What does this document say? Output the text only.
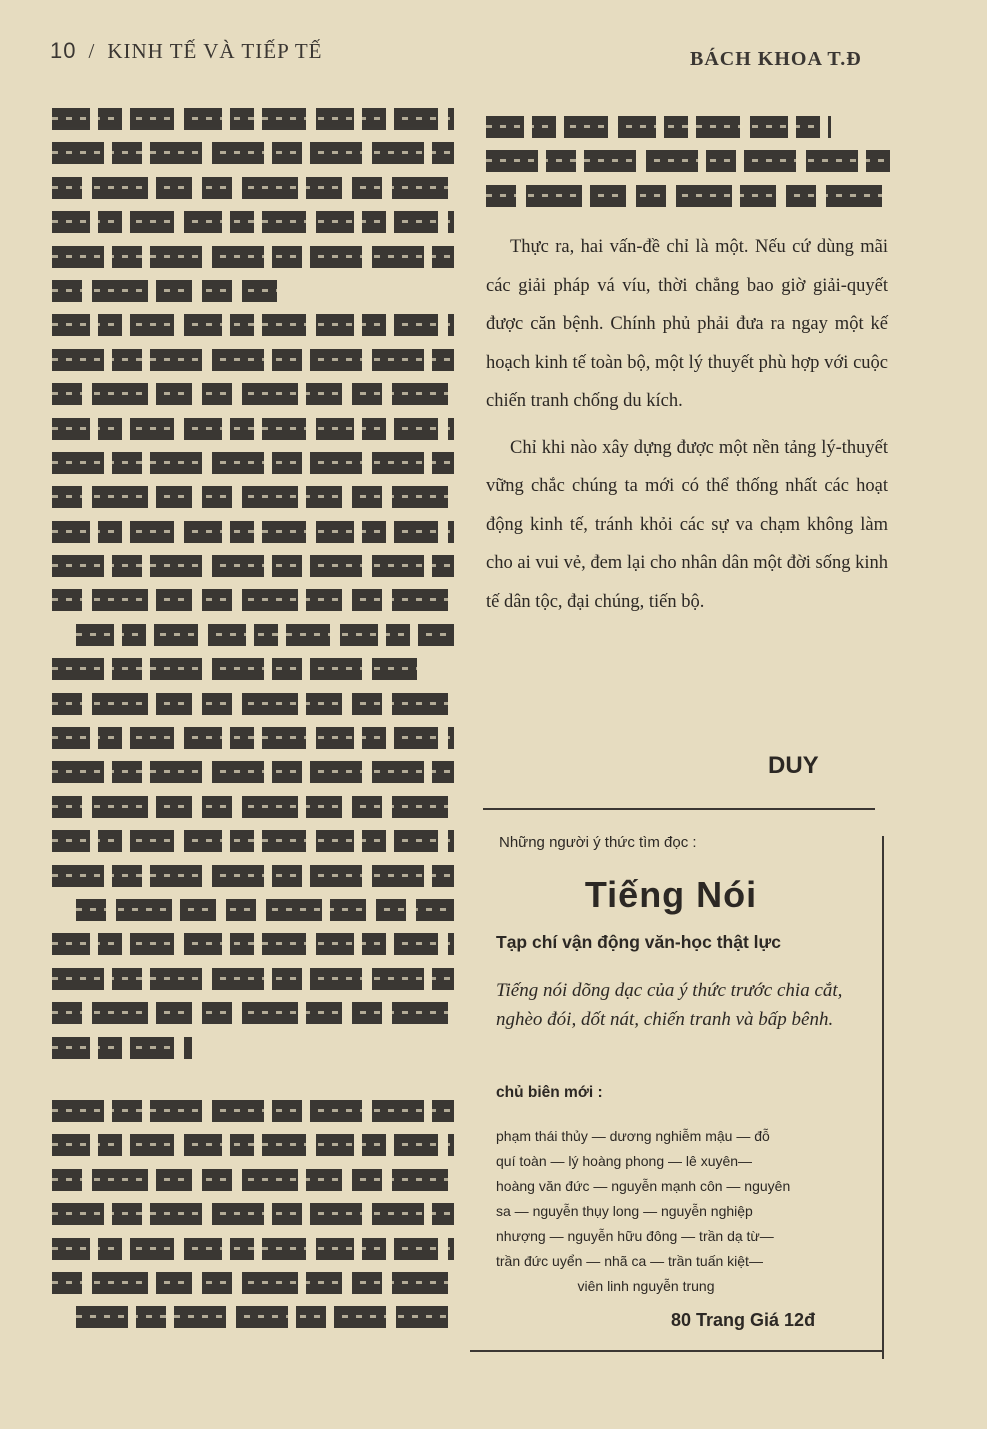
10 / KINH TẾ VÀ TIẾP TẾ	BÁCH KHOA T.Đ

Thực ra, hai vấn-đề chỉ là một. Nếu cứ dùng mãi các giải pháp vá víu, thời chẳng bao giờ giải-quyết được căn bệnh. Chính phủ phải đưa ra ngay một kế hoạch kinh tế toàn bộ, một lý thuyết phù hợp với cuộc chiến tranh chống du kích.

Chỉ khi nào xây dựng được một nền tảng lý-thuyết vững chắc chúng ta mới có thể thống nhất các hoạt động kinh tế, tránh khỏi các sự va chạm không làm cho ai vui vẻ, đem lại cho nhân dân một đời sống kinh tế dân tộc, đại chúng, tiến bộ.

DUY
Những người ý thức tìm đọc :
Tiếng Nói
Tạp chí vận động văn-học thật lực
Tiếng nói dõng dạc của ý thức trước chia cắt, nghèo đói, dốt nát, chiến tranh và bấp bênh.
chủ biên mới :
phạm thái thủy — dương nghiễm mậu — đỗ
quí toàn — lý hoàng phong — lê xuyên—
hoàng văn đức — nguyễn mạnh côn — nguyên
sa — nguyễn thụy long — nguyễn nghiệp
nhượng — nguyễn hữu đông — trần dạ từ—
trần đức uyển — nhã ca — trần tuấn kiệt—
viên linh nguyễn trung
80 Trang Giá 12đ
